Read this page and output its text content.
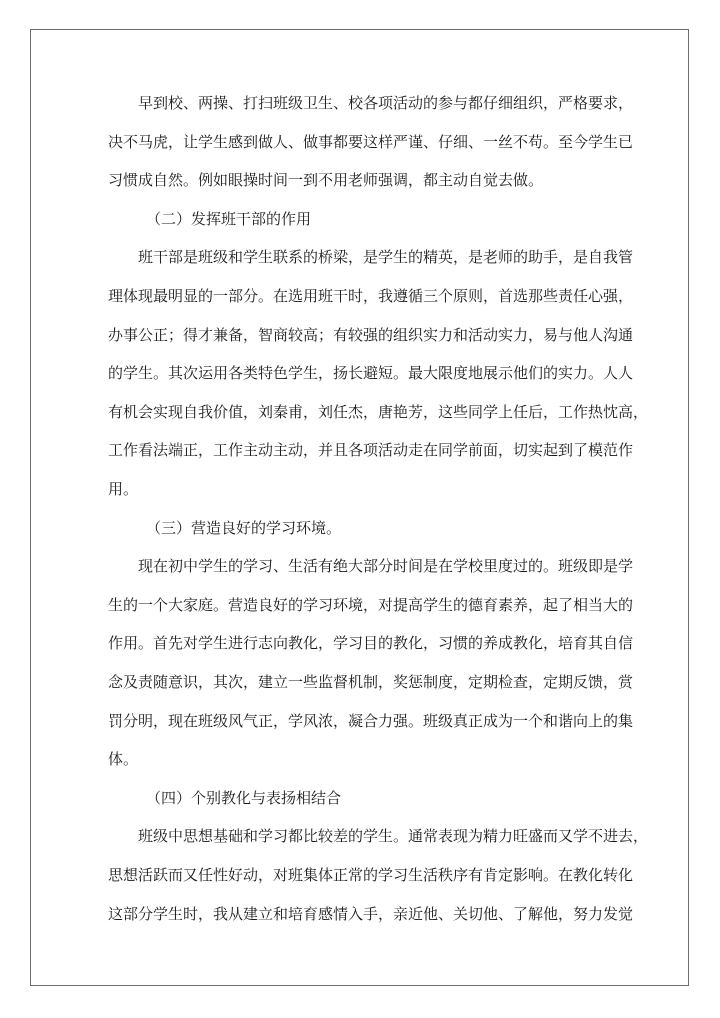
早到校、两操、打扫班级卫生、校各项活动的参与都仔细组织，严格要求，
决不马虎，让学生感到做人、做事都要这样严谨、仔细、一丝不苟。至今学生已
习惯成自然。例如眼操时间一到不用老师强调，都主动自觉去做。
（二）发挥班干部的作用
班干部是班级和学生联系的桥梁，是学生的精英，是老师的助手，是自我管
理体现最明显的一部分。在选用班干时，我遵循三个原则，首选那些责任心强，
办事公正；得才兼备，智商较高；有较强的组织实力和活动实力，易与他人沟通
的学生。其次运用各类特色学生，扬长避短。最大限度地展示他们的实力。人人
有机会实现自我价值，刘秦甫，刘任杰，唐艳芳，这些同学上任后，工作热忱高，
工作看法端正，工作主动主动，并且各项活动走在同学前面，切实起到了模范作
用。
（三）营造良好的学习环境。
现在初中学生的学习、生活有绝大部分时间是在学校里度过的。班级即是学
生的一个大家庭。营造良好的学习环境，对提高学生的德育素养，起了相当大的
作用。首先对学生进行志向教化，学习目的教化，习惯的养成教化，培育其自信
念及责随意识，其次，建立一些监督机制，奖惩制度，定期检查，定期反馈，赏
罚分明，现在班级风气正，学风浓，凝合力强。班级真正成为一个和谐向上的集
体。
（四）个别教化与表扬相结合
班级中思想基础和学习都比较差的学生。通常表现为精力旺盛而又学不进去，
思想活跃而又任性好动，对班集体正常的学习生活秩序有肯定影响。在教化转化
这部分学生时，我从建立和培育感情入手，亲近他、关切他、了解他，努力发觉
